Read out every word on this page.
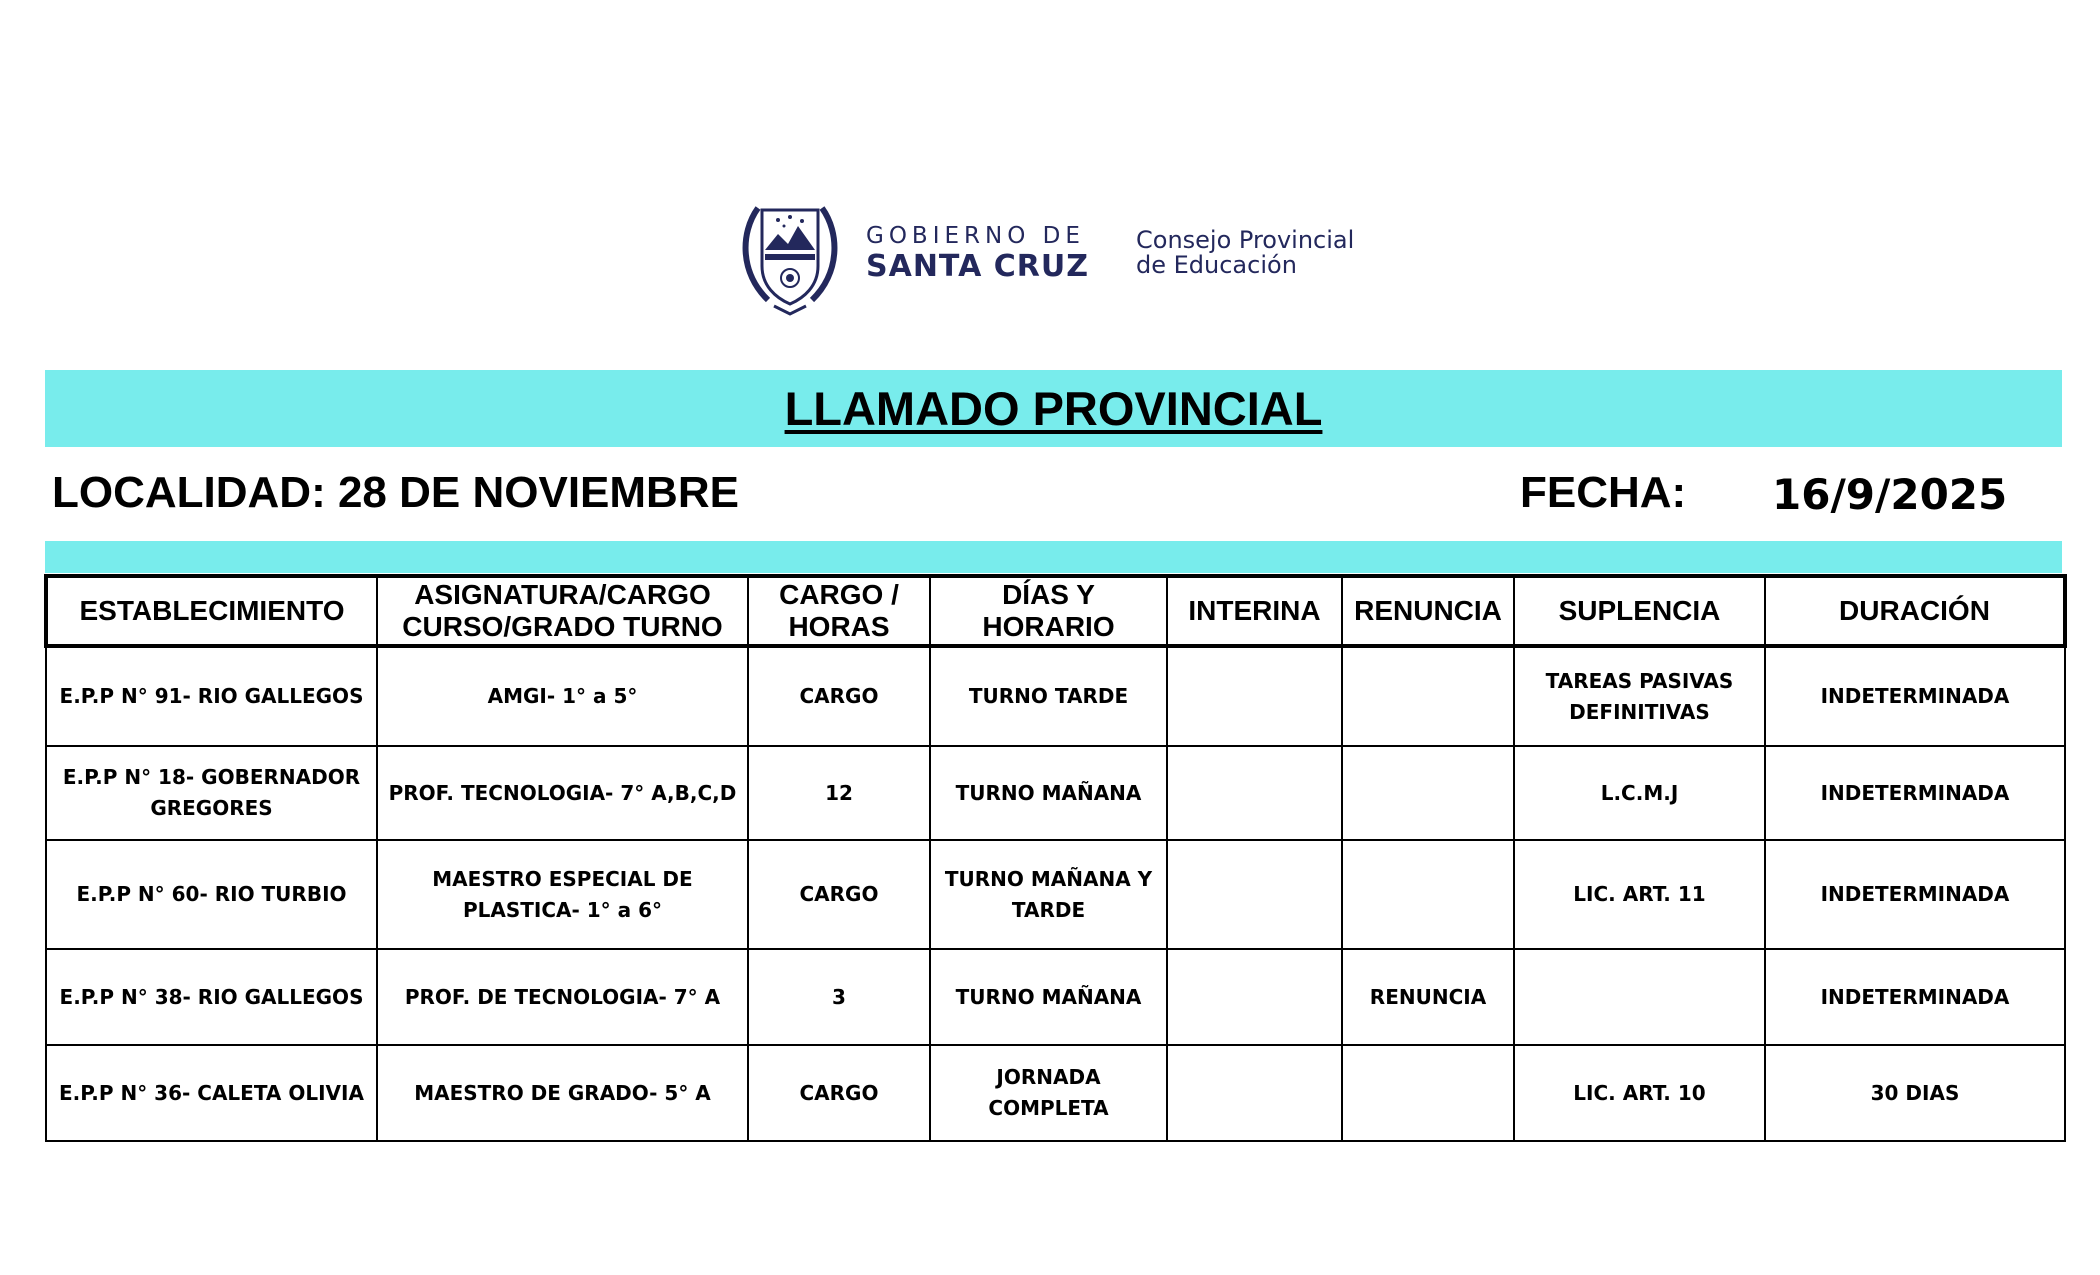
GOBIERNO DE
SANTA CRUZ
Consejo Provincial
de Educación
LLAMADO PROVINCIAL
LOCALIDAD: 28 DE NOVIEMBRE	FECHA: 16/9/2025
ESTABLECIMIENTO	ASIGNATURA/CARGO CURSO/GRADO TURNO	CARGO / HORAS	DÍAS Y HORARIO	INTERINA	RENUNCIA	SUPLENCIA	DURACIÓN
E.P.P N° 91- RIO GALLEGOS	AMGI- 1° a 5°	CARGO	TURNO TARDE			TAREAS PASIVAS DEFINITIVAS	INDETERMINADA
E.P.P N° 18- GOBERNADOR GREGORES	PROF. TECNOLOGIA- 7° A,B,C,D	12	TURNO MAÑANA			L.C.M.J	INDETERMINADA
E.P.P N° 60- RIO TURBIO	MAESTRO ESPECIAL DE PLASTICA- 1° a 6°	CARGO	TURNO MAÑANA Y TARDE			LIC. ART. 11	INDETERMINADA
E.P.P N° 38- RIO GALLEGOS	PROF. DE TECNOLOGIA- 7° A	3	TURNO MAÑANA		RENUNCIA		INDETERMINADA
E.P.P N° 36- CALETA OLIVIA	MAESTRO DE GRADO- 5° A	CARGO	JORNADA COMPLETA			LIC. ART. 10	30 DIAS
